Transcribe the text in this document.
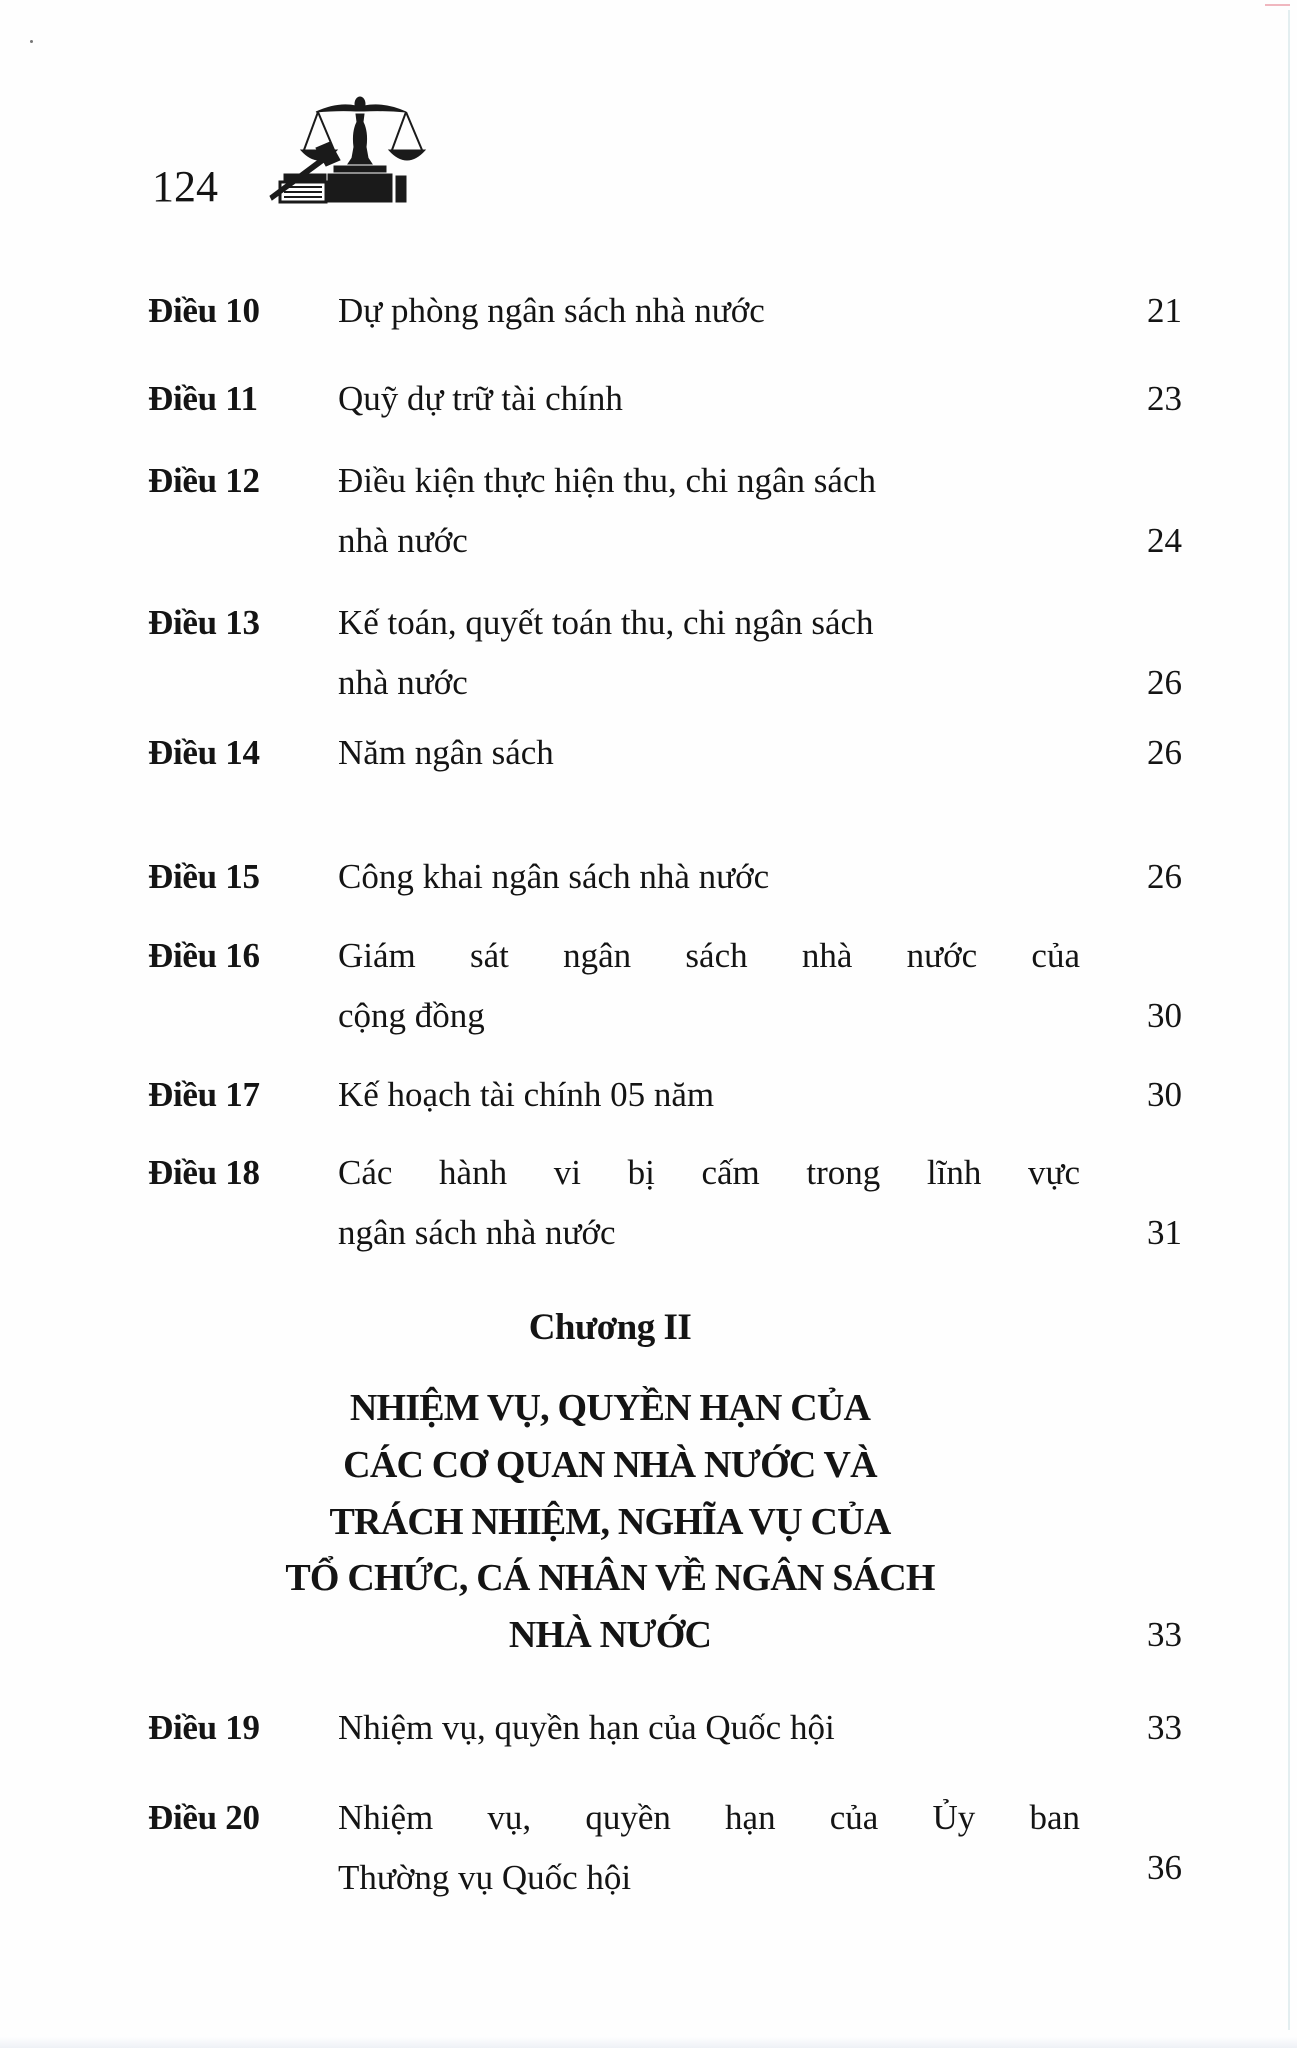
124
Điều 10 Dự phòng ngân sách nhà nước	21
Điều 11 Quỹ dự trữ tài chính	23
Điều 12 Điều kiện thực hiện thu, chi ngân sách
nhà nước	24
Điều 13 Kế toán, quyết toán thu, chi ngân sách
nhà nước	26
Điều 14 Năm ngân sách	26
Điều 15 Công khai ngân sách nhà nước	26
Điều 16 Giám sát ngân sách nhà nước của
cộng đồng	30
Điều 17 Kế hoạch tài chính 05 năm	30
Điều 18 Các hành vi bị cấm trong lĩnh vực
ngân sách nhà nước	31
Chương II
NHIỆM VỤ, QUYỀN HẠN CỦA
CÁC CƠ QUAN NHÀ NƯỚC VÀ
TRÁCH NHIỆM, NGHĨA VỤ CỦA
TỔ CHỨC, CÁ NHÂN VỀ NGÂN SÁCH
NHÀ NƯỚC	33
Điều 19 Nhiệm vụ, quyền hạn của Quốc hội	33
Điều 20 Nhiệm vụ, quyền hạn của Ủy ban
Thường vụ Quốc hội	36
